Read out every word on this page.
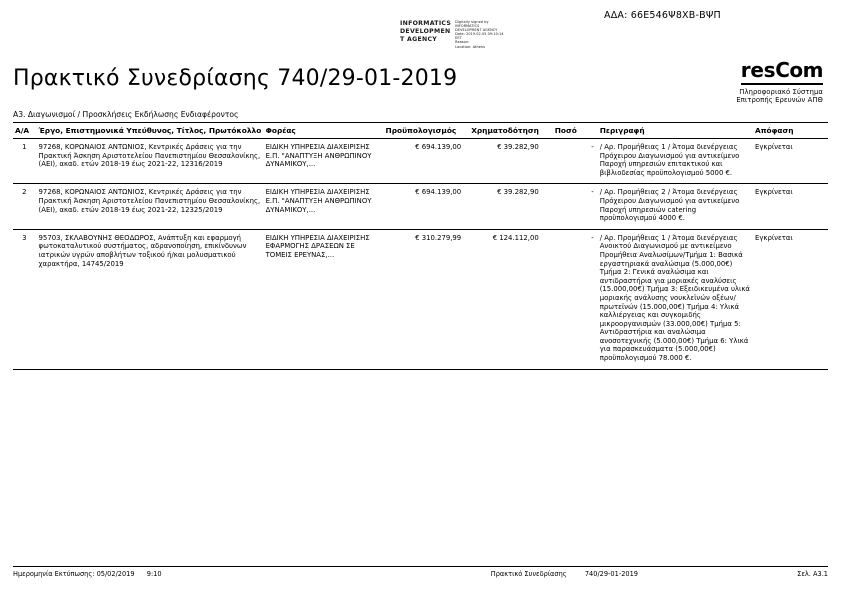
ΑΔΑ: 66Ε546Ψ8ΧΒ-ΒΨΠ
INFORMATICS
DEVELOPMEN
T AGENCY
Digitally signed by
INFORMATICS
DEVELOPMENT AGENCY
Date: 2019.02.05 09:10:14
EET
Reason:
Location: Athens
resCom
Πληροφοριακό Σύστημα
Επιτροπής Ερευνών ΑΠΘ
Πρακτικό Συνεδρίασης 740/29-01-2019
Α3. Διαγωνισμοί / Προσκλήσεις Εκδήλωσης Ενδιαφέροντος
Α/Α	Έργο, Επιστημονικά Υπεύθυνος, Τίτλος, Πρωτόκολλο	Φορέας	Προϋπολογισμός	Χρηματοδότηση	Ποσό	Περιγραφή	Απόφαση
1	97268, ΚΟΡΩΝΑΙΟΣ ΑΝΤΩΝΙΟΣ, Κεντρικές Δράσεις για την Πρακτική Άσκηση Αριστοτελείου Πανεπιστημίου Θεσσαλονίκης, (ΑΕΙ), ακαδ. ετών 2018-19 έως 2021-22, 12316/2019	ΕΙΔΙΚΗ ΥΠΗΡΕΣΙΑ ΔΙΑΧΕΙΡΙΣΗΣ Ε.Π. "ΑΝΑΠΤΥΞΗ ΑΝΘΡΩΠΙΝΟΥ ΔΥΝΑΜΙΚΟΥ,...	€ 694.139,00	€ 39.282,90	-	/ Αρ. Προμήθειας 1 / Άτομα διενέργειας Πρόχειρου Διαγωνισμού για αντικείμενο Παροχή υπηρεσιών επιτακτικού και βιβλιοδεσίας προϋπολογισμού 5000 €.	Εγκρίνεται
2	97268, ΚΟΡΩΝΑΙΟΣ ΑΝΤΩΝΙΟΣ, Κεντρικές Δράσεις για την Πρακτική Άσκηση Αριστοτελείου Πανεπιστημίου Θεσσαλονίκης, (ΑΕΙ), ακαδ. ετών 2018-19 έως 2021-22, 12325/2019	ΕΙΔΙΚΗ ΥΠΗΡΕΣΙΑ ΔΙΑΧΕΙΡΙΣΗΣ Ε.Π. "ΑΝΑΠΤΥΞΗ ΑΝΘΡΩΠΙΝΟΥ ΔΥΝΑΜΙΚΟΥ,...	€ 694.139,00	€ 39.282,90	-	/ Αρ. Προμήθειας 2 / Άτομα διενέργειας Πρόχειρου Διαγωνισμού για αντικείμενο Παροχή υπηρεσιών catering προϋπολογισμού 4000 €.	Εγκρίνεται
3	95703, ΣΚΛΑΒΟΥΝΗΣ ΘΕΟΔΩΡΟΣ, Ανάπτυξη και εφαρμογή φωτοκαταλυτικού συστήματος, αδρανοποίηση, επικίνδυνων ιατρικών υγρών αποβλήτων τοξικού ή/και μολυσματικού χαρακτήρα, 14745/2019	ΕΙΔΙΚΗ ΥΠΗΡΕΣΙΑ ΔΙΑΧΕΙΡΙΣΗΣ ΕΦΑΡΜΟΓΗΣ ΔΡΑΣΕΩΝ ΣΕ ΤΟΜΕΙΣ ΕΡΕΥΝΑΣ,...	€ 310.279,99	€ 124.112,00	-	/ Αρ. Προμήθειας 1 / Άτομα διενέργειας Ανοικτού Διαγωνισμού με αντικείμενο Προμήθεια Αναλωσίμων/Τμήμα 1: Βασικά εργαστηριακά αναλώσιμα (5.000,00€) Τμήμα 2: Γενικά αναλώσιμα και αντιδραστήρια για μοριακές αναλύσεις (15.000,00€) Τμήμα 3: Εξειδικευμένα υλικά μοριακής ανάλυσης νουκλεϊνών οξέων/πρωτεϊνών (15.000,00€) Τμήμα 4: Υλικά καλλιέργειας και συγκομιδής μικροοργανισμών (33.000,00€) Τμήμα 5: Αντιδραστήρια και αναλώσιμα ανοσοτεχνικής (5.000,00€) Τμήμα 6: Υλικά για παρασκευάσματα (5.000,00€) προϋπολογισμού 78.000 €.	Εγκρίνεται
Ημερομηνία Εκτύπωσης: 05/02/2019 9:10	Πρακτικό Συνεδρίασης	740/29-01-2019	Σελ. Α3.1
